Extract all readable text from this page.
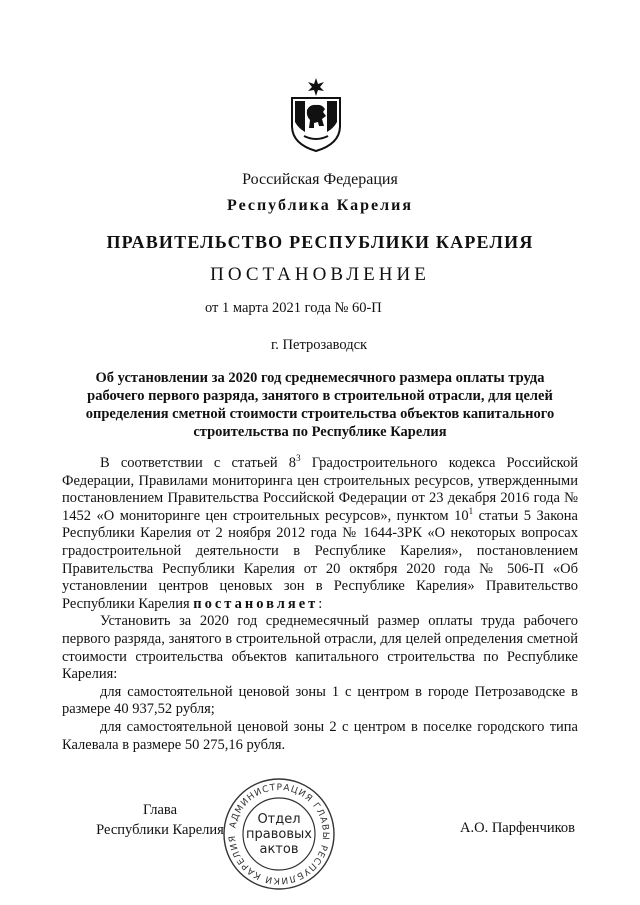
Российская Федерация
Республика Карелия
ПРАВИТЕЛЬСТВО РЕСПУБЛИКИ КАРЕЛИЯ
ПОСТАНОВЛЕНИЕ
от 1 марта 2021 года № 60-П
г. Петрозаводск
Об установлении за 2020 год среднемесячного размера оплаты труда рабочего первого разряда, занятого в строительной отрасли, для целей определения сметной стоимости строительства объектов капитального строительства по Республике Карелия

В соответствии с статьей $8^3$ Градостроительного кодекса Российской Федерации, Правилами мониторинга цен строительных ресурсов, утвержденными постановлением Правительства Российской Федерации от 23 декабря 2016 года № 1452 «О мониторинге цен строительных ресурсов», пунктом $10^1$ статьи 5 Закона Республики Карелия от 2 ноября 2012 года № 1644-ЗРК «О некоторых вопросах градостроительной деятельности в Республике Карелия», постановлением Правительства Республики Карелия от 20 октября 2020 года № 506-П «Об установлении центров ценовых зон в Республике Карелия» Правительство Республики Карелия постановляет:

Установить за 2020 год среднемесячный размер оплаты труда рабочего первого разряда, занятого в строительной отрасли, для целей определения сметной стоимости строительства объектов капитального строительства по Республике Карелия:

для самостоятельной ценовой зоны 1 с центром в городе Петрозаводске в размере 40 937,52 рубля;

для самостоятельной ценовой зоны 2 с центром в поселке городского типа Калевала в размере 50 275,16 рубля.

Глава
Республики Карелия АДМИНИСТРАЦИЯ ГЛАВЫ РЕСПУБЛИКИ КАРЕЛИЯ
Отдел
правовых
актов
А.О. Парфенчиков
